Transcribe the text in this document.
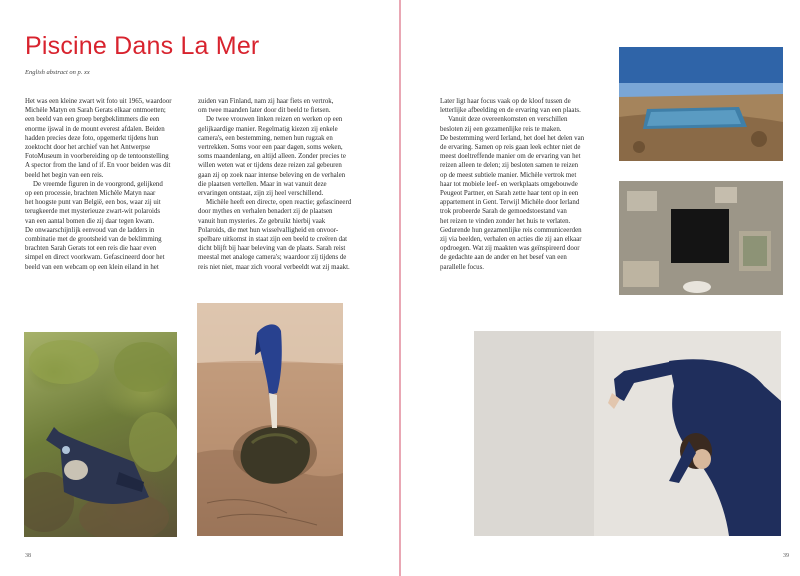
Piscine Dans La Mer
English abstract on p. xx
Het was een kleine zwart wit foto uit 1965, waardoor
Michèle Matyn en Sarah Gerats elkaar ontmoetten;
een beeld van een groep bergbeklimmers die een
enorme ijswal in de mount everest afdalen. Beiden
hadden precies deze foto, opgemerkt tijdens hun
zoektocht door het archief van het Antwerpse
FotoMuseum in voorbereiding op de tentoonstelling
A spector from the land of if. En voor beiden was dit
beeld het begin van een reis.
De vreemde figuren in de voorgrond, gelijkend
op een processie, brachten Michèle Matyn naar
het hoogste punt van België, een bos, waar zij uit
terugkeerde met mysterieuze zwart-wit polaroids
van een aantal bomen die zij daar tegen kwam.
De onwaarschijnlijk eenvoud van de ladders in
combinatie met de grootsheid van de beklimming
brachten Sarah Gerats tot een reis die haar even
simpel en direct voorkwam. Gefascineerd door het
beeld van een webcam op een klein eiland in het
zuiden van Finland, nam zij haar fiets en vertrok,
om twee maanden later door dit beeld te fietsen.
De twee vrouwen linken reizen en werken op een
gelijkaardige manier. Regelmatig kiezen zij enkele
camera's, een bestemming, nemen hun rugzak en
vertrekken. Soms voor een paar dagen, soms weken,
soms maandenlang, en altijd alleen. Zonder precies te
willen weten wat er tijdens deze reizen zal gebeuren
gaan zij op zoek naar intense beleving en de verhalen
die plaatsen vertellen. Maar in wat vanuit deze
ervaringen ontstaat, zijn zij heel verschillend.
Michèle heeft een directe, open reactie; gefascineerd
door mythes en verhalen benadert zij de plaatsen
vanuit hun mysteries. Ze gebruikt hierbij vaak
Polaroids, die met hun wisselvalligheid en onvoor-
spelbare uitkomst in staat zijn een beeld te creëren dat
dicht blijft bij haar beleving van de plaats. Sarah reist
meestal met analoge camera's; waardoor zij tijdens de
reis niet niet, maar zich vooral verbeeldt wat zij maakt.
38
Later ligt haar focus vaak op de kloof tussen de
letterlijke afbeelding en de ervaring van een plaats.
Vanuit deze overeenkomsten en verschillen
besloten zij een gezamenlijke reis te maken.
De bestemming werd Ierland, het doel het delen van
de ervaring. Samen op reis gaan leek echter niet de
meest doeltreffende manier om de ervaring van het
reizen alleen te delen; zij besloten samen te reizen
op de meest subtiele manier. Michèle vertrok met
haar tot mobiele leef- en werkplaats omgebouwde
Peugeot Partner, en Sarah zette haar tent op in een
appartement in Gent. Terwijl Michèle door Ierland
trok probeerde Sarah de gemoedstoestand van
het reizen te vinden zonder het huis te verlaten.
Gedurende hun gezamenlijke reis communiceerden
zij via beelden, verhalen en acties die zij aan elkaar
opdroegen. Wat zij maakten was geïnspireerd door
de gedachte aan de ander en het besef van een
parallelle focus.
39
